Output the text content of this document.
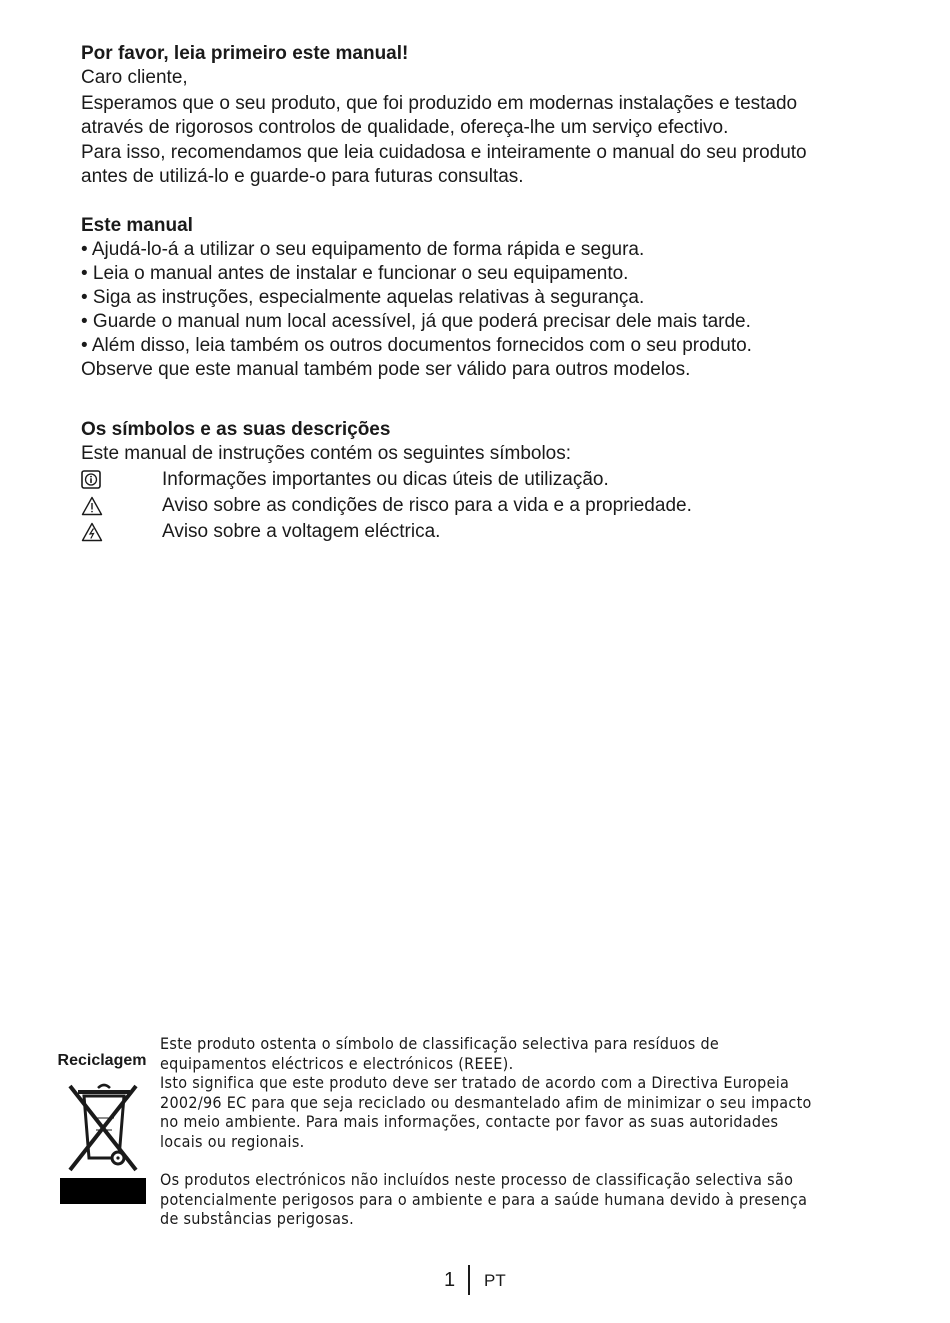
Por favor, leia primeiro este manual!

Caro cliente,

Esperamos que o seu produto, que foi produzido em modernas instalações e testado

através de rigorosos controlos de qualidade, ofereça-lhe um serviço efectivo.

Para isso, recomendamos que leia cuidadosa e inteiramente o manual do seu produto

antes de utilizá-lo e guarde-o para futuras consultas.

Este manual

• Ajudá-lo-á a utilizar o seu equipamento de forma rápida e segura.

• Leia o manual antes de instalar e funcionar o seu equipamento.

• Siga as instruções, especialmente aquelas relativas à segurança.

• Guarde o manual num local acessível, já que poderá precisar dele mais tarde.

• Além disso, leia também os outros documentos fornecidos com o seu produto.

Observe que este manual também pode ser válido para outros modelos.

Os símbolos e as suas descrições

Este manual de instruções contém os seguintes símbolos:

Informações importantes ou dicas úteis de utilização.
Aviso sobre as condições de risco para a vida e a propriedade.
Aviso sobre a voltagem eléctrica.
Reciclagem

Este produto ostenta o símbolo de classificação selectiva para resíduos de

equipamentos eléctricos e electrónicos (REEE).

Isto significa que este produto deve ser tratado de acordo com a Directiva Europeia

2002/96 EC para que seja reciclado ou desmantelado afim de minimizar o seu impacto

no meio ambiente. Para mais informações, contacte por favor as suas autoridades

locais ou regionais.

Os produtos electrónicos não incluídos neste processo de classificação selectiva são

potencialmente perigosos para o ambiente e para a saúde humana devido à presença

de substâncias perigosas.

1 PT
